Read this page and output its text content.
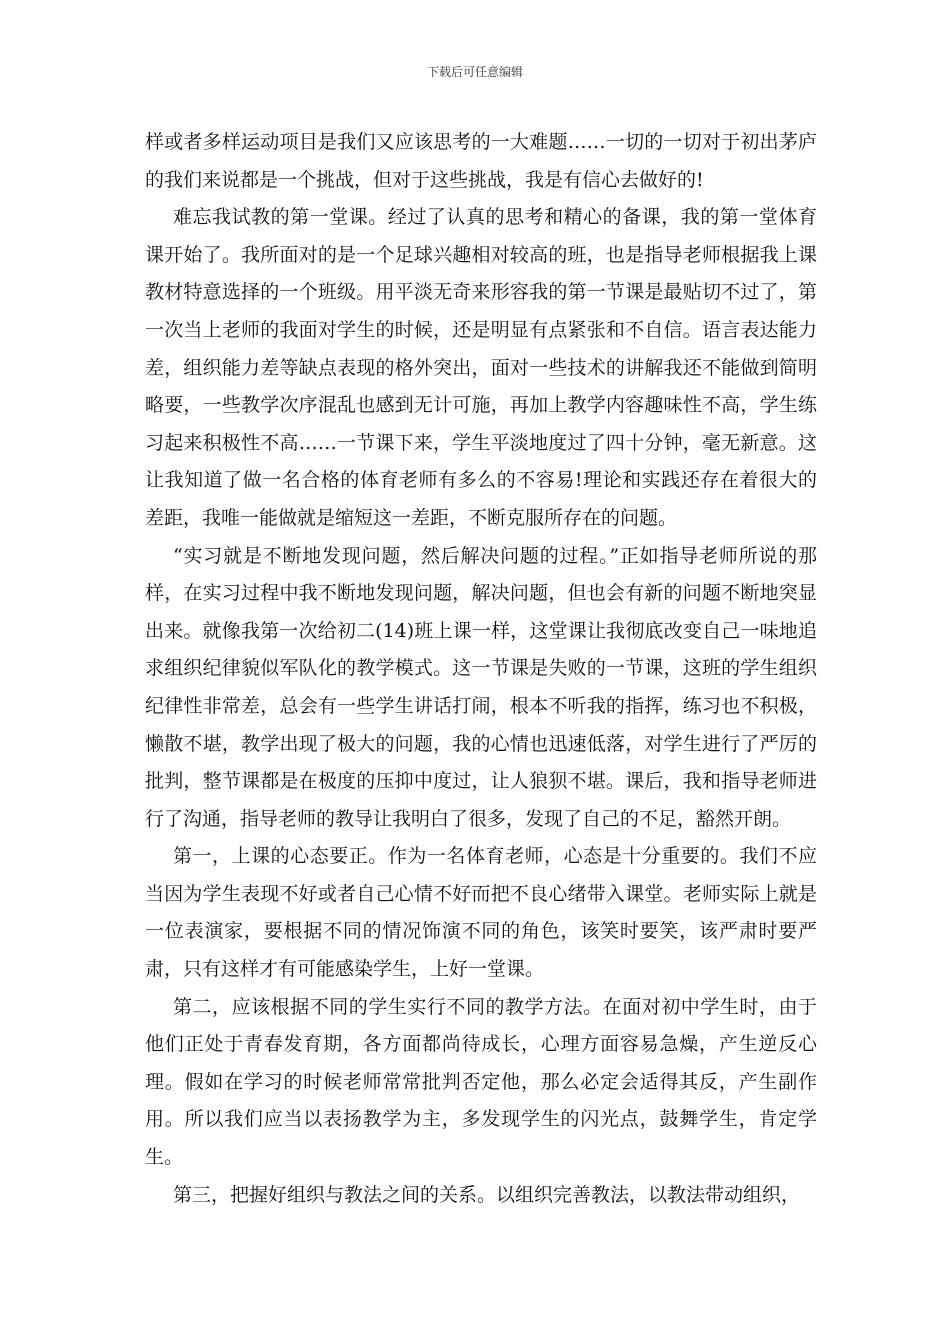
下载后可任意编辑

样或者多样运动项目是我们又应该思考的一大难题……一切的一切对于初出茅庐的我们来说都是一个挑战，但对于这些挑战，我是有信心去做好的!

难忘我试教的第一堂课。经过了认真的思考和精心的备课，我的第一堂体育课开始了。我所面对的是一个足球兴趣相对较高的班，也是指导老师根据我上课教材特意选择的一个班级。用平淡无奇来形容我的第一节课是最贴切不过了，第一次当上老师的我面对学生的时候，还是明显有点紧张和不自信。语言表达能力差，组织能力差等缺点表现的格外突出，面对一些技术的讲解我还不能做到简明略要，一些教学次序混乱也感到无计可施，再加上教学内容趣味性不高，学生练习起来积极性不高……一节课下来，学生平淡地度过了四十分钟，毫无新意。这让我知道了做一名合格的体育老师有多么的不容易!理论和实践还存在着很大的差距，我唯一能做就是缩短这一差距，不断克服所存在的问题。

“实习就是不断地发现问题，然后解决问题的过程。”正如指导老师所说的那样，在实习过程中我不断地发现问题，解决问题，但也会有新的问题不断地突显出来。就像我第一次给初二(14)班上课一样，这堂课让我彻底改变自己一味地追求组织纪律貌似军队化的教学模式。这一节课是失败的一节课，这班的学生组织纪律性非常差，总会有一些学生讲话打闹，根本不听我的指挥，练习也不积极，懒散不堪，教学出现了极大的问题，我的心情也迅速低落，对学生进行了严厉的批判，整节课都是在极度的压抑中度过，让人狼狈不堪。课后，我和指导老师进行了沟通，指导老师的教导让我明白了很多，发现了自己的不足，豁然开朗。

第一，上课的心态要正。作为一名体育老师，心态是十分重要的。我们不应当因为学生表现不好或者自己心情不好而把不良心绪带入课堂。老师实际上就是一位表演家，要根据不同的情况饰演不同的角色，该笑时要笑，该严肃时要严肃，只有这样才有可能感染学生，上好一堂课。

第二，应该根据不同的学生实行不同的教学方法。在面对初中学生时，由于他们正处于青春发育期，各方面都尚待成长，心理方面容易急燥，产生逆反心理。假如在学习的时候老师常常批判否定他，那么必定会适得其反，产生副作用。所以我们应当以表扬教学为主，多发现学生的闪光点，鼓舞学生，肯定学生。

第三，把握好组织与教法之间的关系。以组织完善教法，以教法带动组织，
